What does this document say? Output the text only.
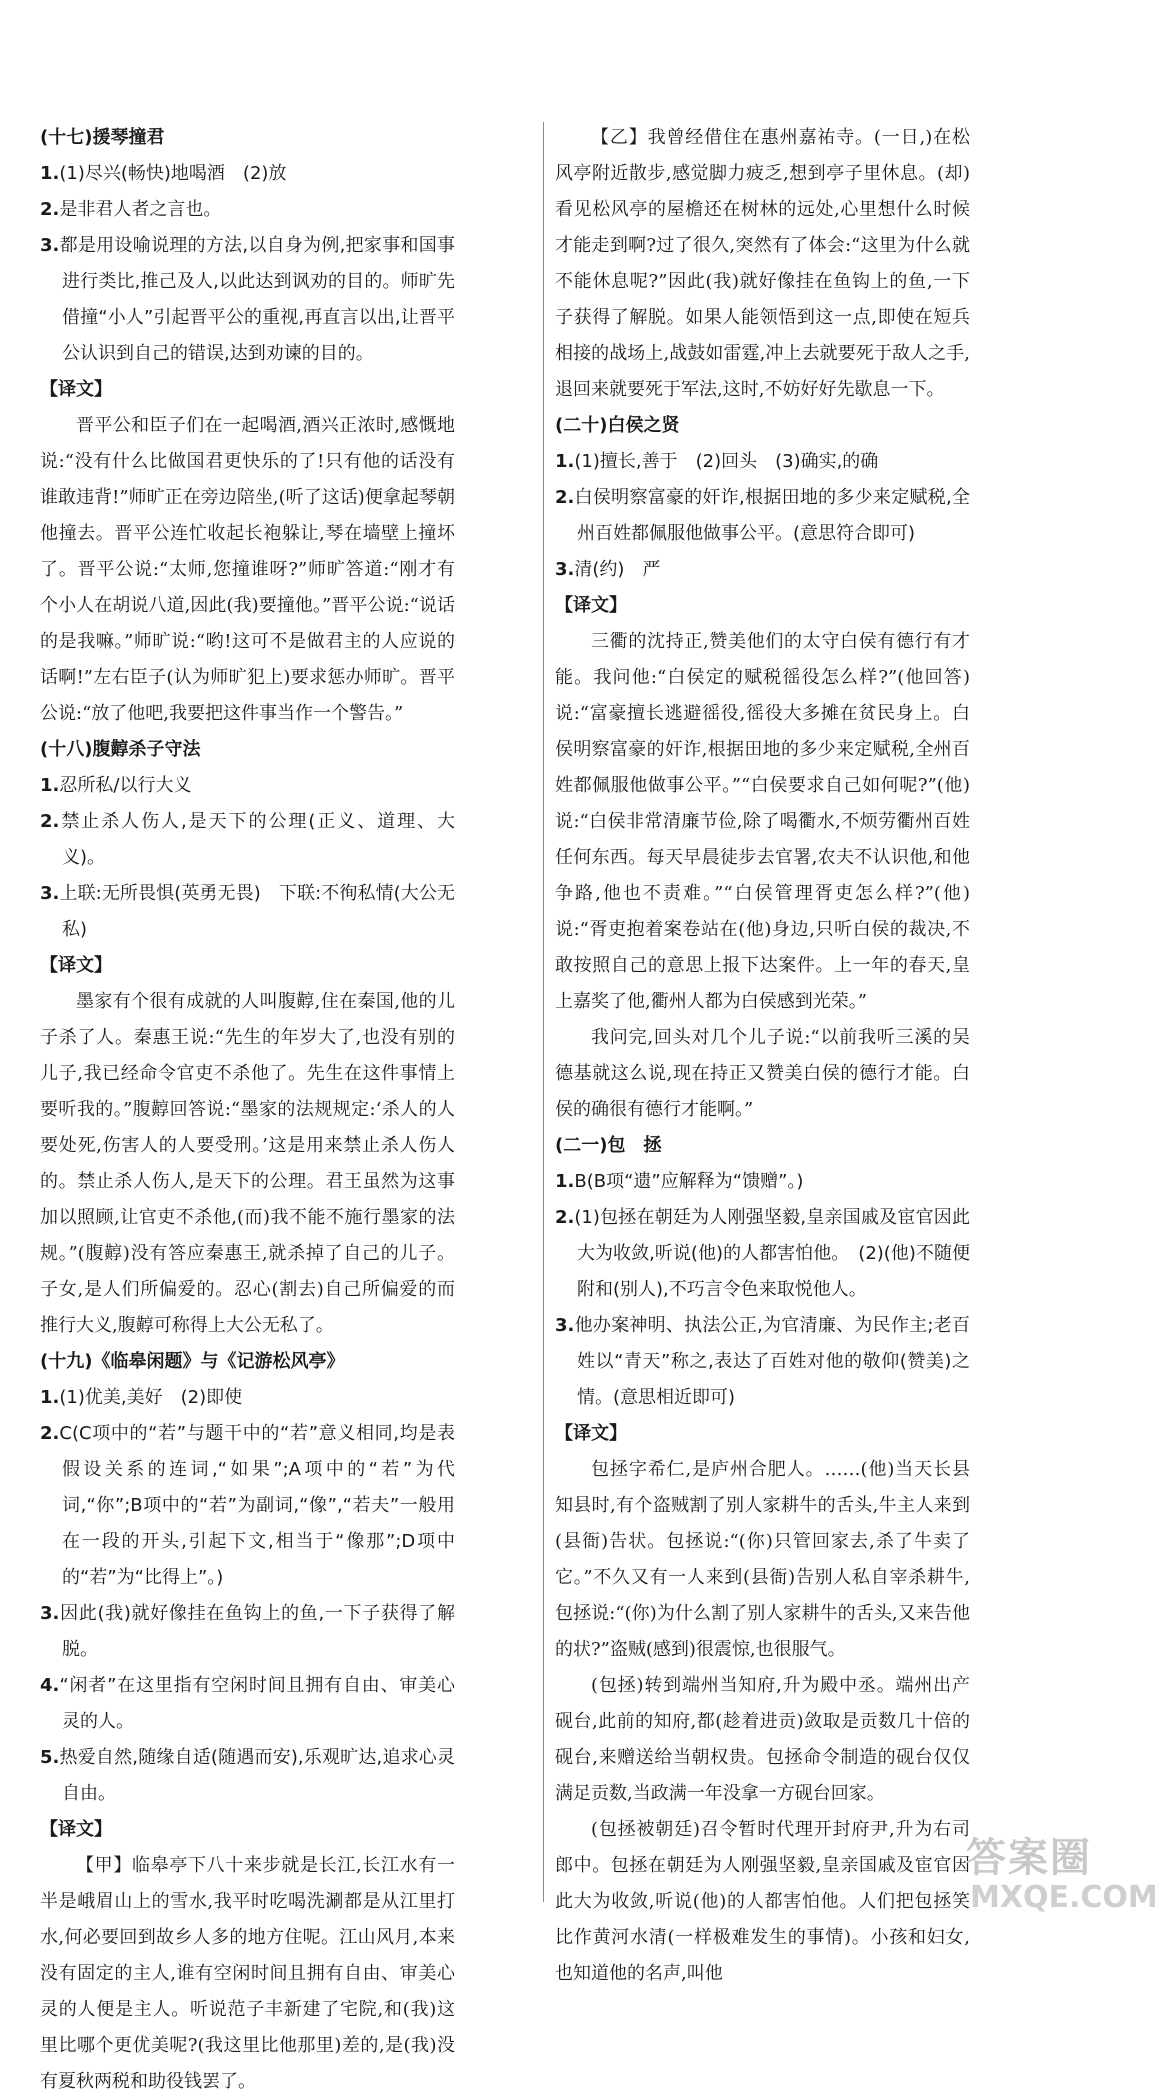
(十七)援琴撞君

1.(1)尽兴(畅快)地喝酒　(2)放

2.是非君人者之言也。

3.都是用设喻说理的方法,以自身为例,把家事和国事进行类比,推己及人,以此达到讽劝的目的。师旷先借撞“小人”引起晋平公的重视,再直言以出,让晋平公认识到自己的错误,达到劝谏的目的。

【译文】

晋平公和臣子们在一起喝酒,酒兴正浓时,感慨地说:“没有什么比做国君更快乐的了!只有他的话没有谁敢违背!”师旷正在旁边陪坐,(听了这话)便拿起琴朝他撞去。晋平公连忙收起长袍躲让,琴在墙壁上撞坏了。晋平公说:“太师,您撞谁呀?”师旷答道:“刚才有个小人在胡说八道,因此(我)要撞他。”晋平公说:“说话的是我嘛。”师旷说:“哟!这可不是做君主的人应说的话啊!”左右臣子(认为师旷犯上)要求惩办师旷。晋平公说:“放了他吧,我要把这件事当作一个警告。”

(十八)腹䵍杀子守法

1.忍所私/以行大义

2.禁止杀人伤人,是天下的公理(正义、道理、大义)。

3.上联:无所畏惧(英勇无畏)　下联:不徇私情(大公无私)

【译文】

墨家有个很有成就的人叫腹䵍,住在秦国,他的儿子杀了人。秦惠王说:“先生的年岁大了,也没有别的儿子,我已经命令官吏不杀他了。先生在这件事情上要听我的。”腹䵍回答说:“墨家的法规规定:‘杀人的人要处死,伤害人的人要受刑。’这是用来禁止杀人伤人的。禁止杀人伤人,是天下的公理。君王虽然为这事加以照顾,让官吏不杀他,(而)我不能不施行墨家的法规。”(腹䵍)没有答应秦惠王,就杀掉了自己的儿子。子女,是人们所偏爱的。忍心(割去)自己所偏爱的而推行大义,腹䵍可称得上大公无私了。

(十九)《临皋闲题》与《记游松风亭》

1.(1)优美,美好　(2)即使

2.C(C项中的“若”与题干中的“若”意义相同,均是表假设关系的连词,“如果”;A项中的“若”为代词,“你”;B项中的“若”为副词,“像”,“若夫”一般用在一段的开头,引起下文,相当于“像那”;D项中的“若”为“比得上”。)

3.因此(我)就好像挂在鱼钩上的鱼,一下子获得了解脱。

4.“闲者”在这里指有空闲时间且拥有自由、审美心灵的人。

5.热爱自然,随缘自适(随遇而安),乐观旷达,追求心灵自由。

【译文】

【甲】临皋亭下八十来步就是长江,长江水有一半是峨眉山上的雪水,我平时吃喝洗涮都是从江里打水,何必要回到故乡人多的地方住呢。江山风月,本来没有固定的主人,谁有空闲时间且拥有自由、审美心灵的人便是主人。听说范子丰新建了宅院,和(我)这里比哪个更优美呢?(我这里比他那里)差的,是(我)没有夏秋两税和助役钱罢了。

【乙】我曾经借住在惠州嘉祐寺。(一日,)在松风亭附近散步,感觉脚力疲乏,想到亭子里休息。(却)看见松风亭的屋檐还在树林的远处,心里想什么时候才能走到啊?过了很久,突然有了体会:“这里为什么就不能休息呢?”因此(我)就好像挂在鱼钩上的鱼,一下子获得了解脱。如果人能领悟到这一点,即使在短兵相接的战场上,战鼓如雷霆,冲上去就要死于敌人之手,退回来就要死于军法,这时,不妨好好先歇息一下。

(二十)白侯之贤

1.(1)擅长,善于　(2)回头　(3)确实,的确

2.白侯明察富豪的奸诈,根据田地的多少来定赋税,全州百姓都佩服他做事公平。(意思符合即可)

3.清(约)　严

【译文】

三衢的沈持正,赞美他们的太守白侯有德行有才能。我问他:“白侯定的赋税徭役怎么样?”(他回答)说:“富豪擅长逃避徭役,徭役大多摊在贫民身上。白侯明察富豪的奸诈,根据田地的多少来定赋税,全州百姓都佩服他做事公平。”“白侯要求自己如何呢?”(他)说:“白侯非常清廉节俭,除了喝衢水,不烦劳衢州百姓任何东西。每天早晨徒步去官署,农夫不认识他,和他争路,他也不责难。”“白侯管理胥吏怎么样?”(他)说:“胥吏抱着案卷站在(他)身边,只听白侯的裁决,不敢按照自己的意思上报下达案件。上一年的春天,皇上嘉奖了他,衢州人都为白侯感到光荣。”

我问完,回头对几个儿子说:“以前我听三溪的吴德基就这么说,现在持正又赞美白侯的德行才能。白侯的确很有德行才能啊。”

(二一)包　拯

1.B(B项“遗”应解释为“馈赠”。)

2.(1)包拯在朝廷为人刚强坚毅,皇亲国戚及宦官因此大为收敛,听说(他)的人都害怕他。　(2)(他)不随便附和(别人),不巧言令色来取悦他人。

3.他办案神明、执法公正,为官清廉、为民作主;老百姓以“青天”称之,表达了百姓对他的敬仰(赞美)之情。(意思相近即可)

【译文】

包拯字希仁,是庐州合肥人。……(他)当天长县知县时,有个盗贼割了别人家耕牛的舌头,牛主人来到(县衙)告状。包拯说:“(你)只管回家去,杀了牛卖了它。”不久又有一人来到(县衙)告别人私自宰杀耕牛,包拯说:“(你)为什么割了别人家耕牛的舌头,又来告他的状?”盗贼(感到)很震惊,也很服气。

(包拯)转到端州当知府,升为殿中丞。端州出产砚台,此前的知府,都(趁着进贡)敛取是贡数几十倍的砚台,来赠送给当朝权贵。包拯命令制造的砚台仅仅满足贡数,当政满一年没拿一方砚台回家。

(包拯被朝廷)召令暂时代理开封府尹,升为右司郎中。包拯在朝廷为人刚强坚毅,皇亲国戚及宦官因此大为收敛,听说(他)的人都害怕他。人们把包拯笑比作黄河水清(一样极难发生的事情)。小孩和妇女,也知道他的名声,叫他

答案圈
MXQE.COM
